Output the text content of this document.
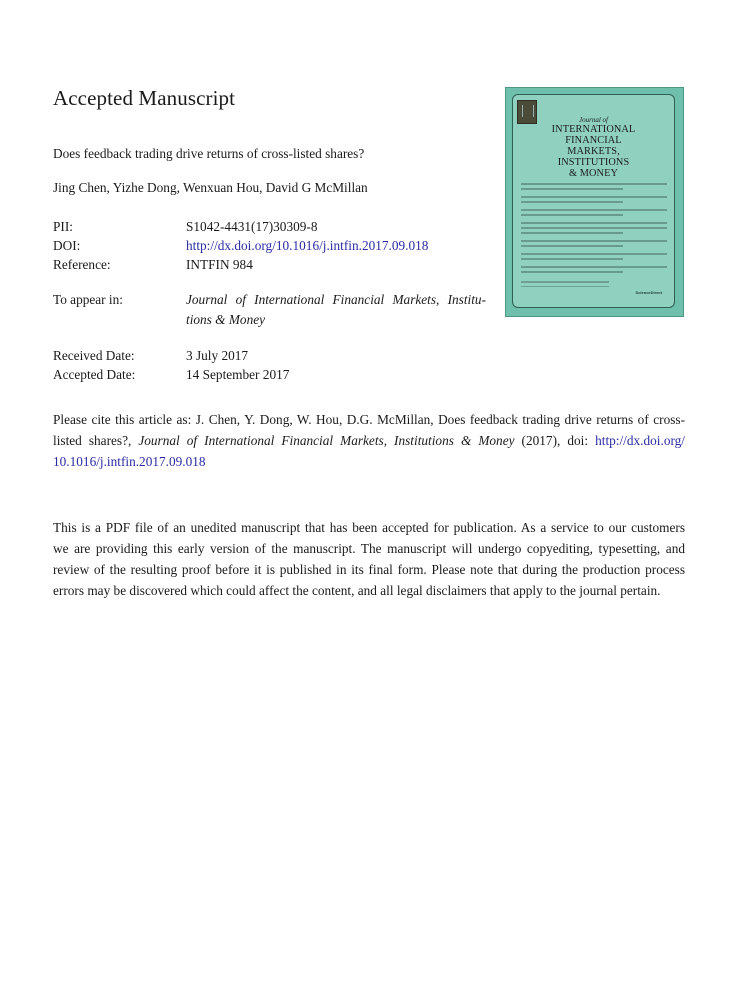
Accepted Manuscript
Does feedback trading drive returns of cross-listed shares?
Jing Chen, Yizhe Dong, Wenxuan Hou, David G McMillan
PII:	S1042-4431(17)30309-8
DOI:	http://dx.doi.org/10.1016/j.intfin.2017.09.018
Reference:	INTFIN 984
To appear in:	Journal of International Financial Markets, Institu-
tions & Money
Received Date:	3 July 2017
Accepted Date:	14 September 2017
Please cite this article as: J. Chen, Y. Dong, W. Hou, D.G. McMillan, Does feedback trading drive returns of cross-
listed shares?, Journal of International Financial Markets, Institutions & Money (2017), doi: http://dx.doi.org/
10.1016/j.intfin.2017.09.018
This is a PDF file of an unedited manuscript that has been accepted for publication. As a service to our customers
we are providing this early version of the manuscript. The manuscript will undergo copyediting, typesetting, and
review of the resulting proof before it is published in its final form. Please note that during the production process
errors may be discovered which could affect the content, and all legal disclaimers that apply to the journal pertain.
Journal of
INTERNATIONAL
FINANCIAL
MARKETS,
INSTITUTIONS
& MONEY
ScienceDirect
